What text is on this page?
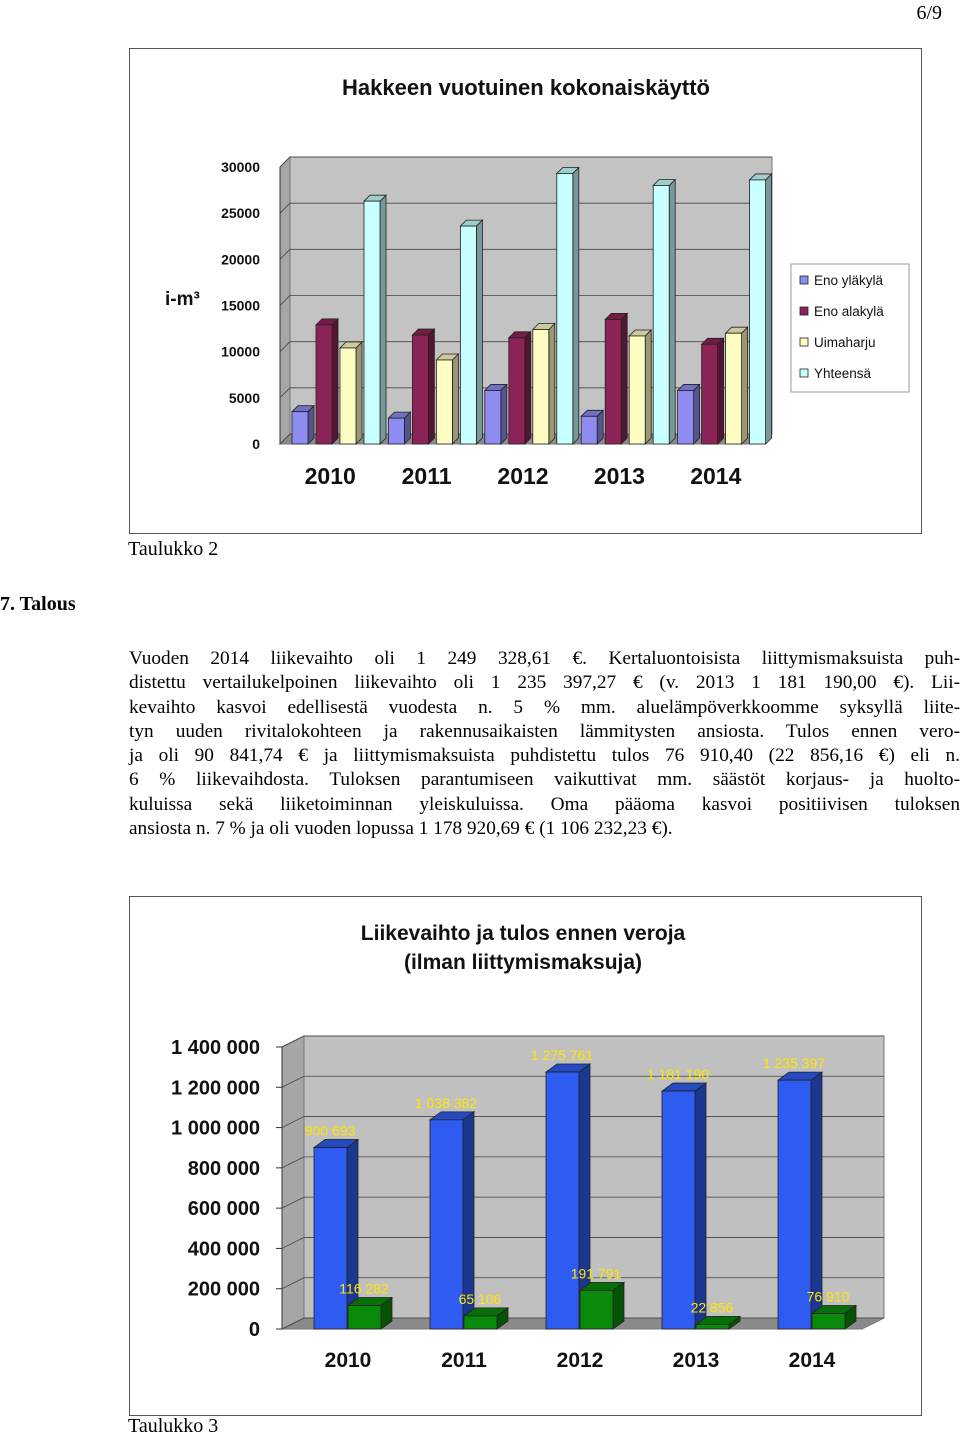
6/9
Hakkeen vuotuinen kokonaiskäyttö
0
5000
10000
15000
20000
25000
30000
i-m³
2010 2011 2012 2013 2014
Eno yläkylä
Eno alakylä
Uimaharju
Yhteensä
Taulukko 2
7. Talous

Vuoden 2014 liikevaihto oli 1 249 328,61 €. Kertaluontoisista liittymismaksuista puh-
distettu vertailukelpoinen liikevaihto oli 1 235 397,27 € (v. 2013 1 181 190,00 €). Lii-
kevaihto kasvoi edellisestä vuodesta n. 5 % mm. aluelämpöverkkoomme syksyllä liite-
tyn uuden rivitalokohteen ja rakennusaikaisten lämmitysten ansiosta. Tulos ennen vero-
ja oli 90 841,74 € ja liittymismaksuista puhdistettu tulos 76 910,40 (22 856,16 €) eli n.
6 % liikevaihdosta. Tuloksen parantumiseen vaikuttivat mm. säästöt korjaus- ja huolto-
kuluissa sekä liiketoiminnan yleiskuluissa. Oma pääoma kasvoi positiivisen tuloksen
ansiosta n. 7 % ja oli vuoden lopussa 1 178 920,69 € (1 106 232,23 €).

Liikevaihto ja tulos ennen veroja
(ilman liittymismaksuja)
0
200 000
400 000
600 000
800 000
1 000 000
1 200 000
1 400 000
900 693
116 282
2010
1 038 382
65 106
2011
1 275 761
191 791
2012
1 181 190
22 856
2013
1 235 397
76 910
2014
Taulukko 3
